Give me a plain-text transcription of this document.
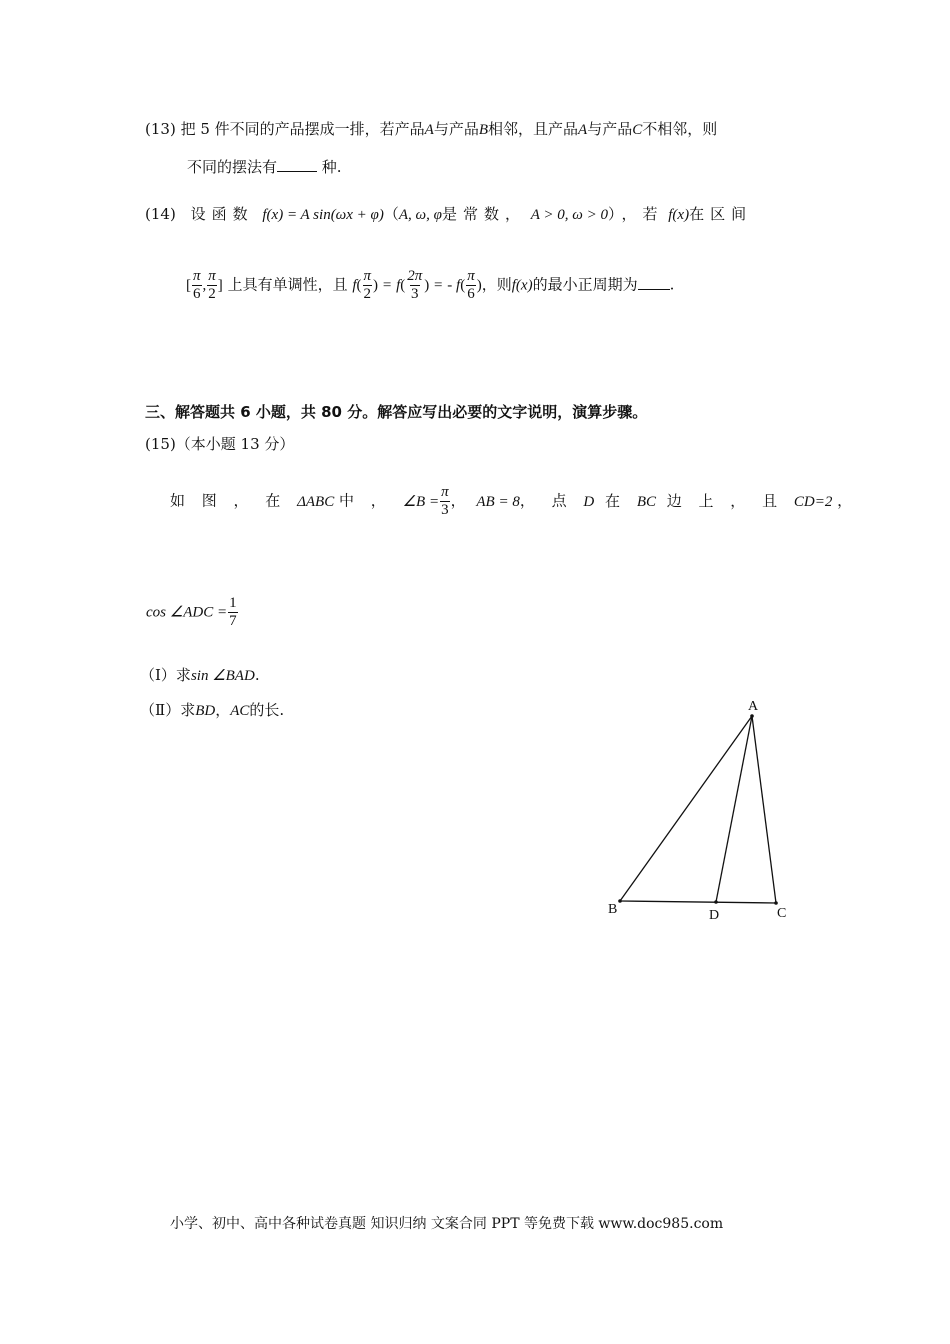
(13) 把 5 件不同的产品摆成一排，若产品A与产品B相邻，且产品A与产品C不相邻，则
不同的摆法有	种.
(14) 设函数 f(x) = A sin(ωx + φ)（A, ω, φ是常数， A > 0, ω > 0），若 f(x)在区间
[ $\frac{\pi}{6}$ , $\frac{\pi}{2}$ ] 上具有单调性，且 $f( \frac{\pi}{2}$ ) = $f( \frac{2\pi}{3}$ ) = - $f( \frac{\pi}{6}$ )，则f(x)的最小正周期为 .
三、解答题共 6 小题，共 80 分。解答应写出必要的文字说明，演算步骤。
(15)（本小题 13 分）
如 图 ， 在 ΔABC 中 ， ∠B = $\frac{\pi}{3}$ ， AB = 8， 点 D 在 BC 边 上 ， 且 CD=2 ，
cos ∠ADC = $\frac{1}{7}$
（Ⅰ）求sin ∠BAD.
（Ⅱ）求BD，AC的长.	A
B	D	C
小学、初中、高中各种试卷真题 知识归纳 文案合同 PPT 等免费下载 www.doc985.com
